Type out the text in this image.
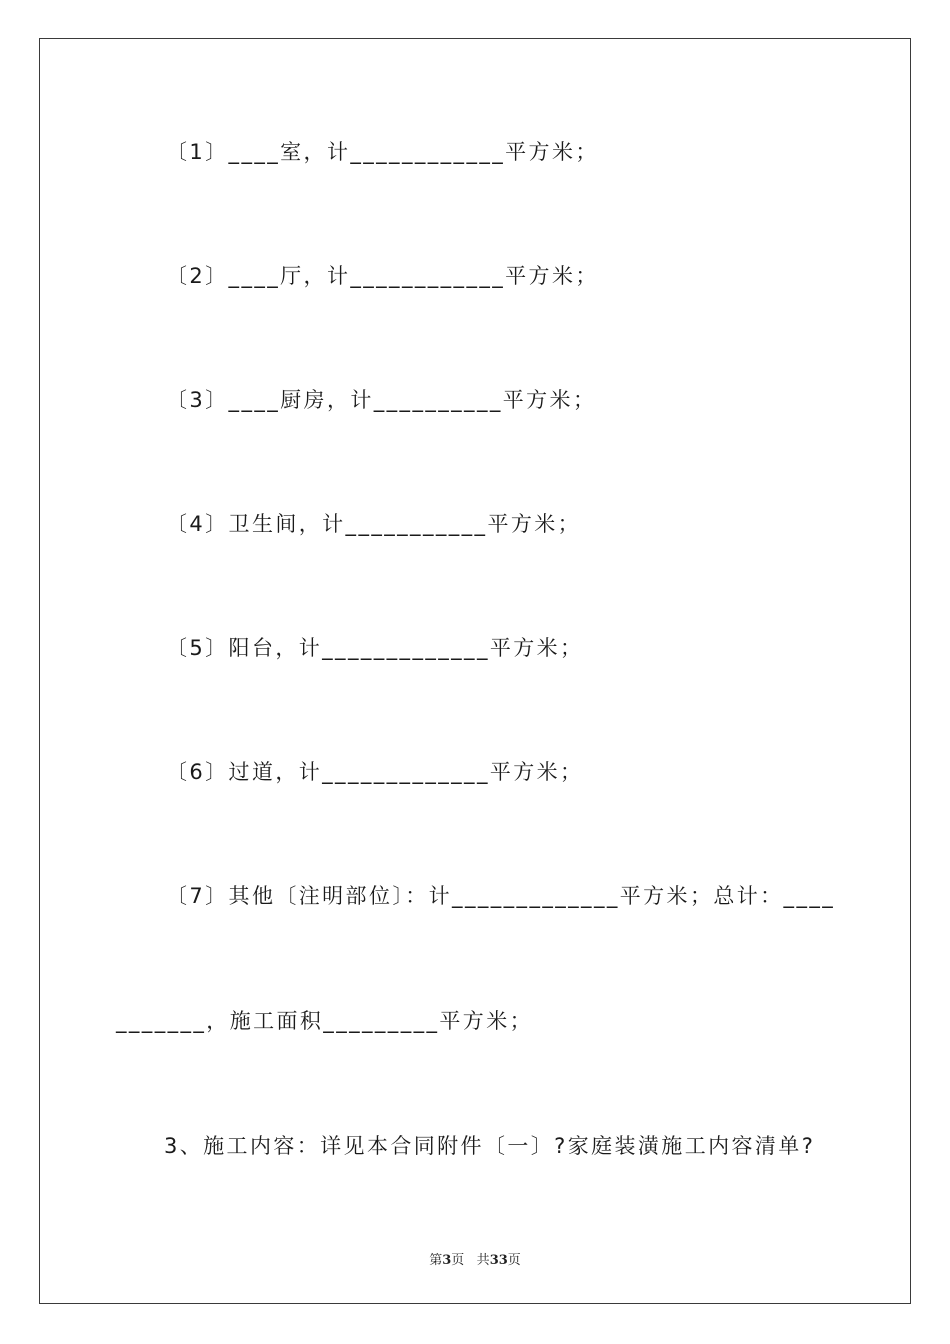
〔1〕____室，计____________平方米；
〔2〕____厅，计____________平方米；
〔3〕____厨房，计__________平方米；
〔4〕卫生间，计___________平方米；
〔5〕阳台，计_____________平方米；
〔6〕过道，计_____________平方米；
〔7〕其他〔注明部位〕：计_____________平方米；总计：____
_______，施工面积_________平方米；
3、施工内容：详见本合同附件〔一〕?家庭装潢施工内容清单?
第3页 共33页
